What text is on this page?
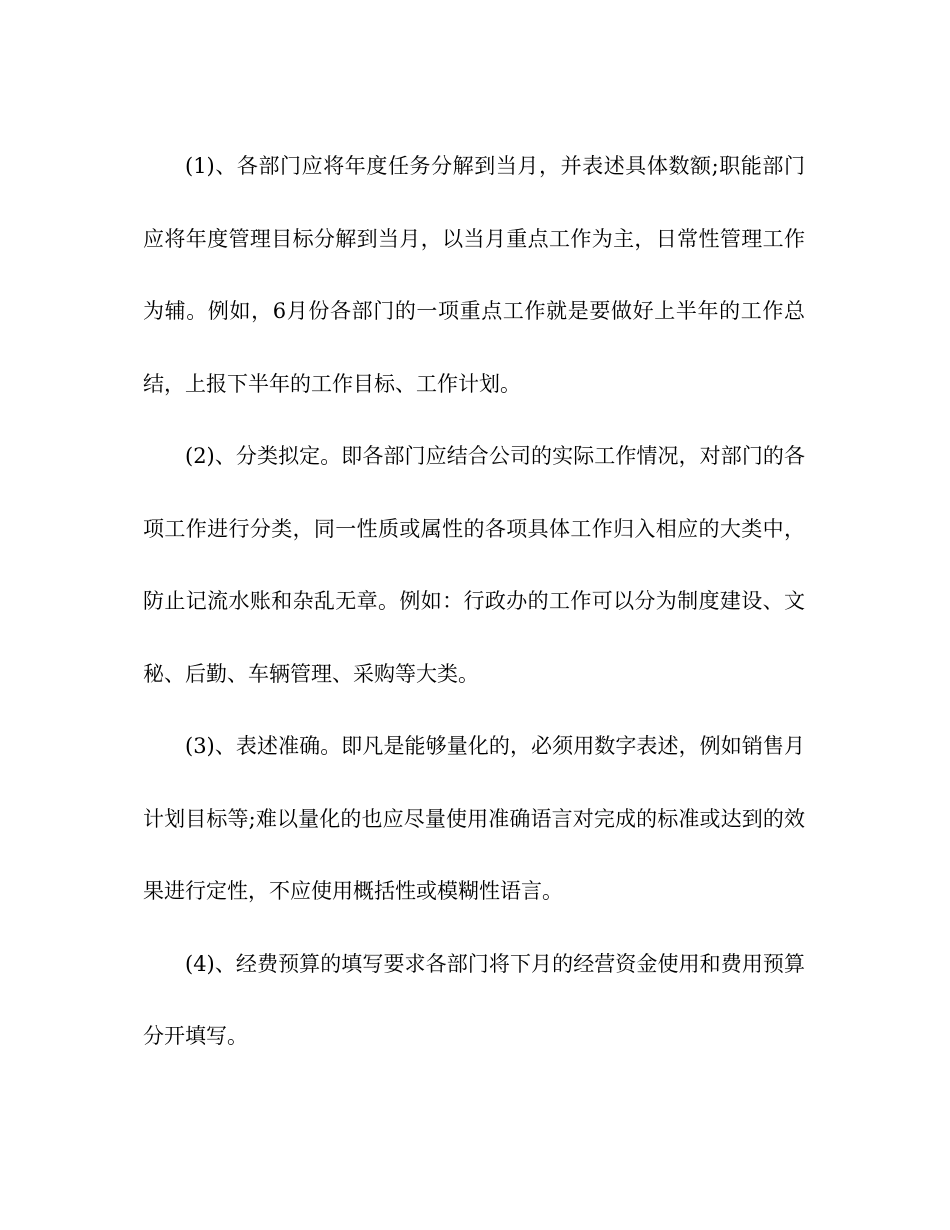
(1)、各部门应将年度任务分解到当月，并表述具体数额;职能部门应将年度管理目标分解到当月，以当月重点工作为主，日常性管理工作为辅。例如，6月份各部门的一项重点工作就是要做好上半年的工作总结，上报下半年的工作目标、工作计划。

(2)、分类拟定。即各部门应结合公司的实际工作情况，对部门的各项工作进行分类，同一性质或属性的各项具体工作归入相应的大类中，防止记流水账和杂乱无章。例如：行政办的工作可以分为制度建设、文秘、后勤、车辆管理、采购等大类。

(3)、表述准确。即凡是能够量化的，必须用数字表述，例如销售月计划目标等;难以量化的也应尽量使用准确语言对完成的标准或达到的效果进行定性，不应使用概括性或模糊性语言。

(4)、经费预算的填写要求各部门将下月的经营资金使用和费用预算分开填写。
